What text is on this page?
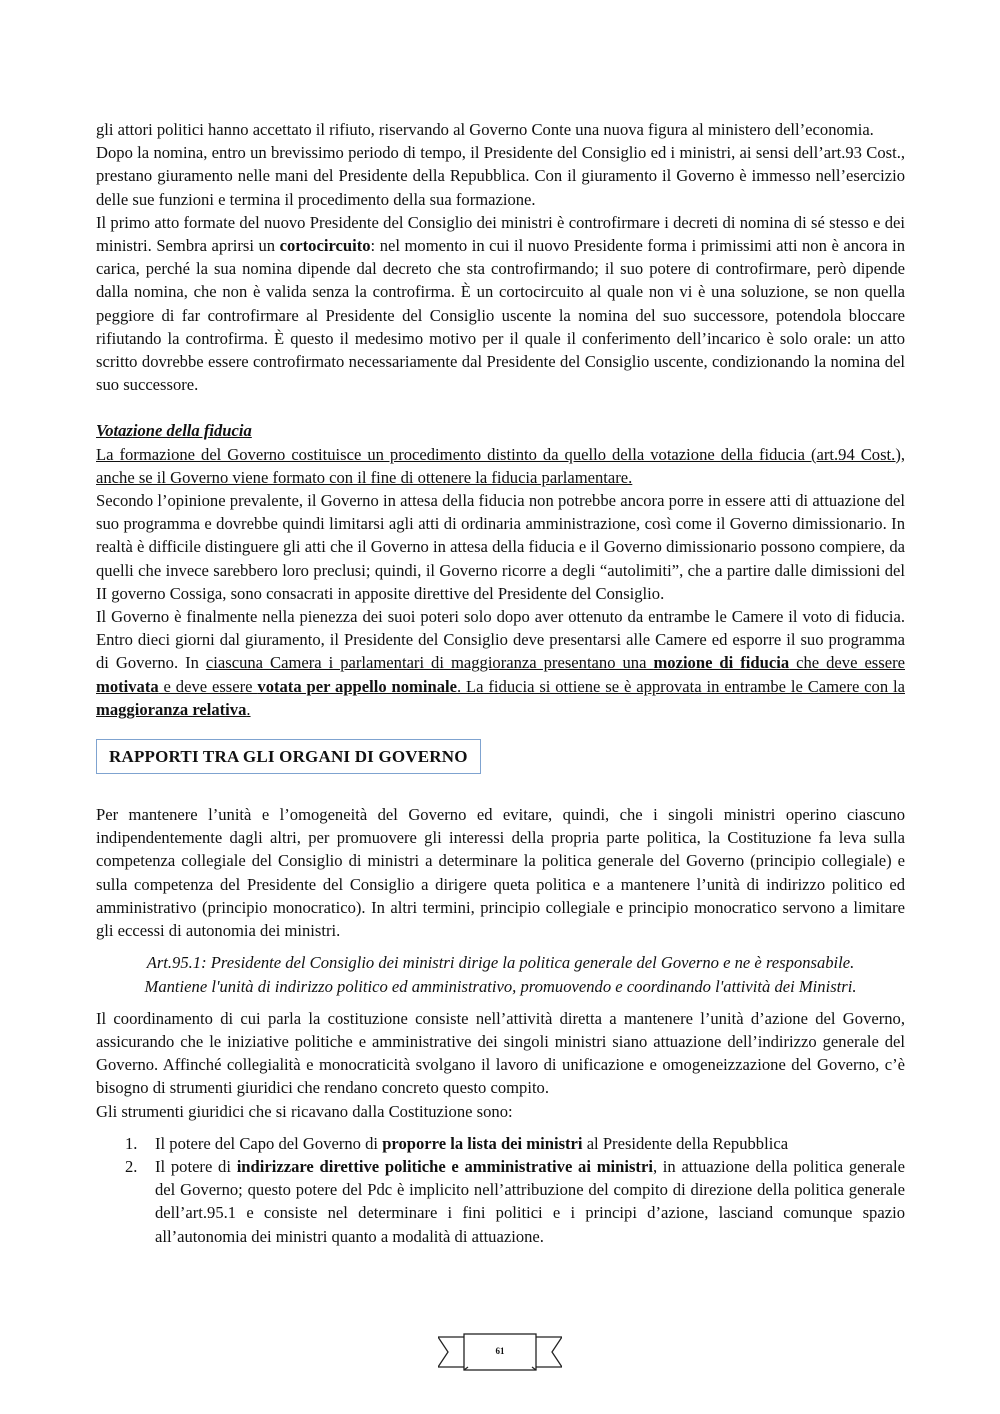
gli attori politici hanno accettato il rifiuto, riservando al Governo Conte una nuova figura al ministero dell’economia.

Dopo la nomina, entro un brevissimo periodo di tempo, il Presidente del Consiglio ed i ministri, ai sensi dell’art.93 Cost., prestano giuramento nelle mani del Presidente della Repubblica. Con il giuramento il Governo è immesso nell’esercizio delle sue funzioni e termina il procedimento della sua formazione.

Il primo atto formate del nuovo Presidente del Consiglio dei ministri è controfirmare i decreti di nomina di sé stesso e dei ministri. Sembra aprirsi un cortocircuito: nel momento in cui il nuovo Presidente forma i primissimi atti non è ancora in carica, perché la sua nomina dipende dal decreto che sta controfirmando; il suo potere di controfirmare, però dipende dalla nomina, che non è valida senza la controfirma. È un cortocircuito al quale non vi è una soluzione, se non quella peggiore di far controfirmare al Presidente del Consiglio uscente la nomina del suo successore, potendola bloccare rifiutando la controfirma. È questo il medesimo motivo per il quale il conferimento dell’incarico è solo orale: un atto scritto dovrebbe essere controfirmato necessariamente dal Presidente del Consiglio uscente, condizionando la nomina del suo successore.

Votazione della fiducia

La formazione del Governo costituisce un procedimento distinto da quello della votazione della fiducia (art.94 Cost.), anche se il Governo viene formato con il fine di ottenere la fiducia parlamentare.

Secondo l’opinione prevalente, il Governo in attesa della fiducia non potrebbe ancora porre in essere atti di attuazione del suo programma e dovrebbe quindi limitarsi agli atti di ordinaria amministrazione, così come il Governo dimissionario. In realtà è difficile distinguere gli atti che il Governo in attesa della fiducia e il Governo dimissionario possono compiere, da quelli che invece sarebbero loro preclusi; quindi, il Governo ricorre a degli “autolimiti”, che a partire dalle dimissioni del II governo Cossiga, sono consacrati in apposite direttive del Presidente del Consiglio.

Il Governo è finalmente nella pienezza dei suoi poteri solo dopo aver ottenuto da entrambe le Camere il voto di fiducia. Entro dieci giorni dal giuramento, il Presidente del Consiglio deve presentarsi alle Camere ed esporre il suo programma di Governo. In ciascuna Camera i parlamentari di maggioranza presentano una mozione di fiducia che deve essere motivata e deve essere votata per appello nominale. La fiducia si ottiene se è approvata in entrambe le Camere con la maggioranza relativa.

RAPPORTI TRA GLI ORGANI DI GOVERNO

Per mantenere l’unità e l’omogeneità del Governo ed evitare, quindi, che i singoli ministri operino ciascuno indipendentemente dagli altri, per promuovere gli interessi della propria parte politica, la Costituzione fa leva sulla competenza collegiale del Consiglio di ministri a determinare la politica generale del Governo (principio collegiale) e sulla competenza del Presidente del Consiglio a dirigere queta politica e a mantenere l’unità di indirizzo politico ed amministrativo (principio monocratico). In altri termini, principio collegiale e principio monocratico servono a limitare gli eccessi di autonomia dei ministri.

Art.95.1: Presidente del Consiglio dei ministri dirige la politica generale del Governo e ne è responsabile.
Mantiene l'unità di indirizzo politico ed amministrativo, promuovendo e coordinando l'attività dei Ministri.

Il coordinamento di cui parla la costituzione consiste nell’attività diretta a mantenere l’unità d’azione del Governo, assicurando che le iniziative politiche e amministrative dei singoli ministri siano attuazione dell’indirizzo generale del Governo. Affinché collegialità e monocraticità svolgano il lavoro di unificazione e omogeneizzazione del Governo, c’è bisogno di strumenti giuridici che rendano concreto questo compito.

Gli strumenti giuridici che si ricavano dalla Costituzione sono:

1. Il potere del Capo del Governo di proporre la lista dei ministri al Presidente della Repubblica
2. Il potere di indirizzare direttive politiche e amministrative ai ministri, in attuazione della politica generale del Governo; questo potere del Pdc è implicito nell’attribuzione del compito di direzione della politica generale dell’art.95.1 e consiste nel determinare i fini politici e i principi d’azione, lasciand comunque spazio all’autonomia dei ministri quanto a modalità di attuazione.
61
